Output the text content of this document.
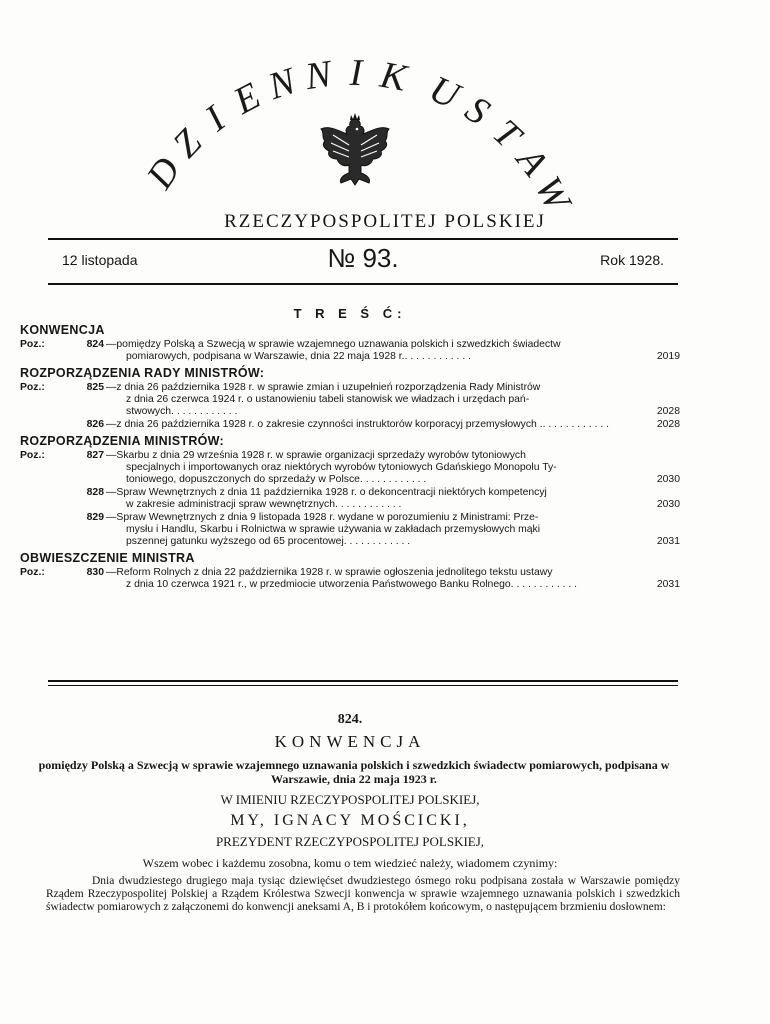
D
Z
I
E
N N I K U
S
T
A
W
RZECZYPOSPOLITEJ POLSKIEJ
12 listopada	№ 93.	Rok 1928.
T R E Ś Ć:
KONWENCJA
Poz.:	824 —pomiędzy Polską a Szwecją w sprawie wzajemnego uznawania polskich i szwedzkich świadectw
pomiarowych, podpisana w Warszawie, dnia 22 maja 1928 r.. . . . . . . . . . . .	2019
ROZPORZĄDZENIA RADY MINISTRÓW:
Poz.:	825 —z dnia 26 października 1928 r. w sprawie zmian i uzupełnień rozporządzenia Rady Ministrów
z dnia 26 czerwca 1924 r. o ustanowieniu tabeli stanowisk we władzach i urzędach pań-
stwowych. . . . . . . . . . . .	2028
826 —z dnia 26 października 1928 r. o zakresie czynności instruktorów korporacyj przemysłowych .. . . . . . . . . . . .	2028
ROZPORZĄDZENIA MINISTRÓW:
Poz.:	827 —Skarbu z dnia 29 września 1928 r. w sprawie organizacji sprzedaży wyrobów tytoniowych
specjalnych i importowanych oraz niektórych wyrobów tytoniowych Gdańskiego Monopolu Ty-
toniowego, dopuszczonych do sprzedaży w Polsce. . . . . . . . . . . .	2030
828 —Spraw Wewnętrznych z dnia 11 października 1928 r. o dekoncentracji niektórych kompetencyj
w zakresie administracji spraw wewnętrznych. . . . . . . . . . . .	2030
829 —Spraw Wewnętrznych z dnia 9 listopada 1928 r. wydane w porozumieniu z Ministrami: Prze-
mysłu i Handlu, Skarbu i Rolnictwa w sprawie używania w zakładach przemysłowych mąki
pszennej gatunku wyższego od 65 procentowej. . . . . . . . . . . .	2031
OBWIESZCZENIE MINISTRA
Poz.:	830 —Reform Rolnych z dnia 22 października 1928 r. w sprawie ogłoszenia jednolitego tekstu ustawy
z dnia 10 czerwca 1921 r., w przedmiocie utworzenia Państwowego Banku Rolnego. . . . . . . . . . . .	2031
824.
KONWENCJA
pomiędzy Polską a Szwecją w sprawie wzajemnego uznawania polskich i szwedzkich świadectw pomiarowych, podpisana w Warszawie, dnia 22 maja 1923 r.
W IMIENIU RZECZYPOSPOLITEJ POLSKIEJ,
MY, IGNACY MOŚCICKI,
PREZYDENT RZECZYPOSPOLITEJ POLSKIEJ,
Wszem wobec i każdemu zosobna, komu o tem wiedzieć należy, wiadomem czynimy:
Dnia dwudziestego drugiego maja tysiąc dziewięćset dwudziestego ósmego roku podpisana została w Warszawie pomiędzy Rządem Rzeczypospolitej Polskiej a Rządem Królestwa Szwecji konwencja w sprawie wzajemnego uznawania polskich i szwedzkich świadectw pomiarowych z załączonemi do konwencji aneksami A, B i protokółem końcowym, o następującem brzmieniu dosłownem:
